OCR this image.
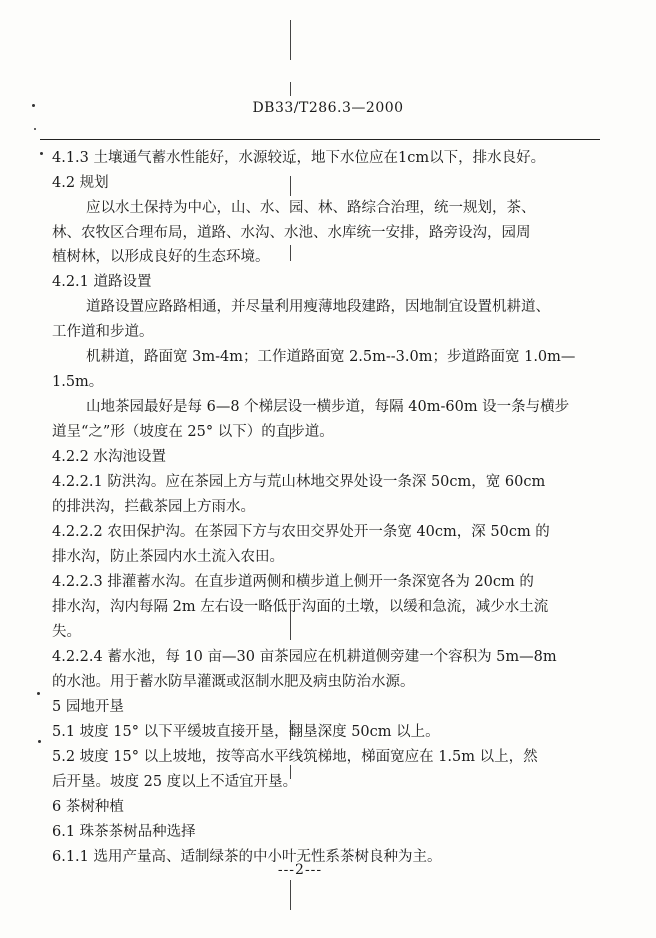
DB33/T286.3—2000
4.1.3 土壤通气蓄水性能好，水源较近，地下水位应在1cm以下，排水良好。
4.2 规划
应以水土保持为中心，山、水、园、林、路综合治理，统一规划，茶、
林、农牧区合理布局，道路、水沟、水池、水库统一安排，路旁设沟，园周
植树林，以形成良好的生态环境。
4.2.1 道路设置
道路设置应路路相通，并尽量利用瘦薄地段建路，因地制宜设置机耕道、
工作道和步道。
机耕道，路面宽 3m-4m；工作道路面宽 2.5m--3.0m；步道路面宽 1.0m—
1.5m。
山地茶园最好是每 6—8 个梯层设一横步道，每隔 40m-60m 设一条与横步
道呈“之”形（坡度在 25° 以下）的直步道。
4.2.2 水沟池设置
4.2.2.1 防洪沟。应在茶园上方与荒山林地交界处设一条深 50cm，宽 60cm
的排洪沟，拦截茶园上方雨水。
4.2.2.2 农田保护沟。在茶园下方与农田交界处开一条宽 40cm，深 50cm 的
排水沟，防止茶园内水土流入农田。
4.2.2.3 排灌蓄水沟。在直步道两侧和横步道上侧开一条深宽各为 20cm 的
排水沟，沟内每隔 2m 左右设一略低于沟面的土墩，以缓和急流，减少水土流
失。
4.2.2.4 蓄水池，每 10 亩—30 亩茶园应在机耕道侧旁建一个容积为 5m—8m
的水池。用于蓄水防旱灌溉或沤制水肥及病虫防治水源。
5 园地开垦
5.1 坡度 15° 以下平缓坡直接开垦，翻垦深度 50cm 以上。
5.2 坡度 15° 以上坡地，按等高水平线筑梯地，梯面宽应在 1.5m 以上，然
后开垦。坡度 25 度以上不适宜开垦。
6 茶树种植
6.1 珠茶茶树品种选择
6.1.1 选用产量高、适制绿茶的中小叶无性系茶树良种为主。
---2---
